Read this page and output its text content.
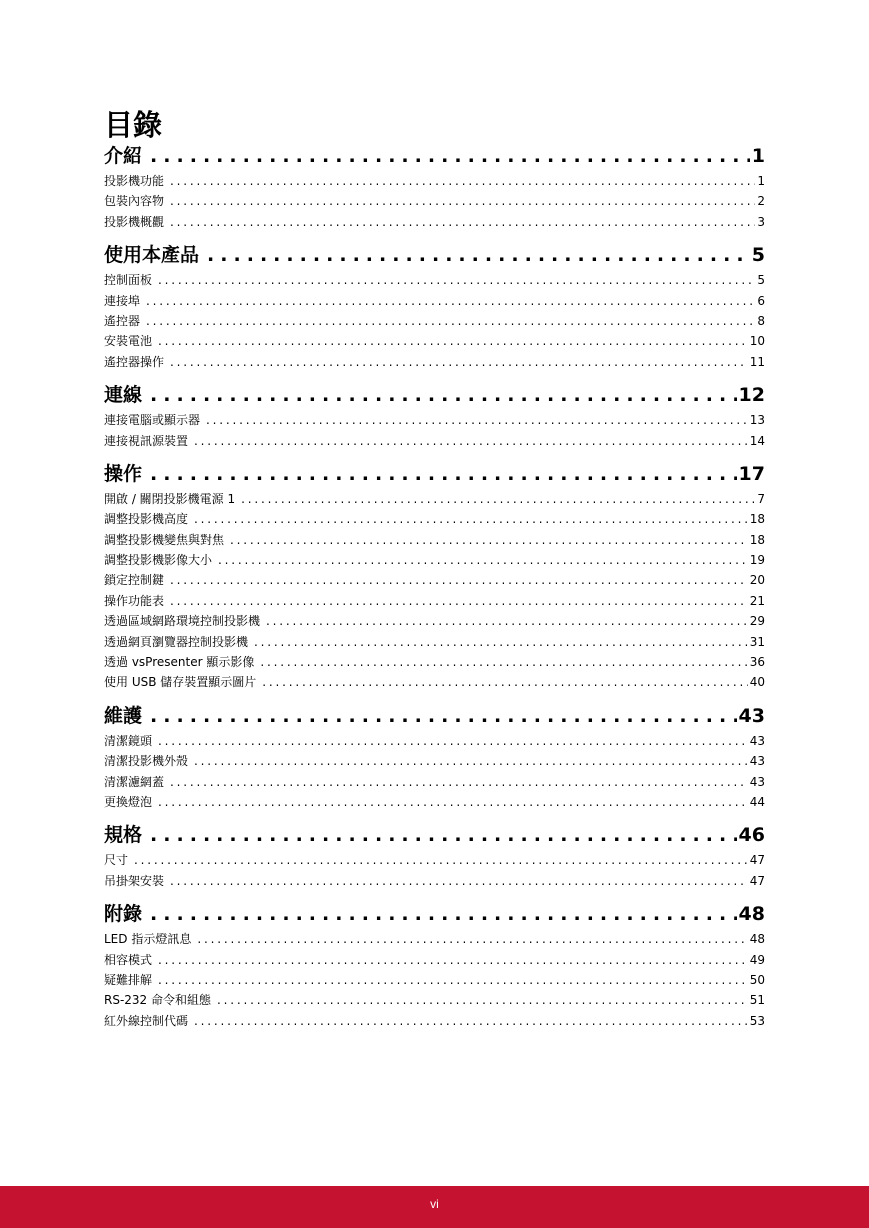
目錄
介紹 . . .	1
投影機功能 . . .	1
包裝內容物 . . .	2
投影機概觀 . . .	3
使用本產品 . . .	5
控制面板 . . .	5
連接埠 . . .	6
遙控器 . . .	8
安裝電池 . . .	10
遙控器操作 . . .	11
連線 . . .	12
連接電腦或顯示器 . . .	13
連接視訊源裝置 . . .	14
操作 . . .	17
開啟 / 關閉投影機電源 1 . . .	7
調整投影機高度 . . .	18
調整投影機變焦與對焦 . . .	18
調整投影機影像大小 . . .	19
鎖定控制鍵 . . .	20
操作功能表 . . .	21
透過區域網路環境控制投影機 . . .	29
透過網頁瀏覽器控制投影機 . . .	31
透過 vsPresenter 顯示影像 . . .	36
使用 USB 儲存裝置顯示圖片 . . .	40
維護 . . .	43
清潔鏡頭 . . .	43
清潔投影機外殼 . . .	43
清潔濾網蓋 . . .	43
更換燈泡 . . .	44
規格 . . .	46
尺寸 . . .	47
吊掛架安裝 . . .	47
附錄 . . .	48
LED 指示燈訊息 . . .	48
相容模式 . . .	49
疑難排解 . . .	50
RS-232 命令和組態 . . .	51
紅外線控制代碼 . . .	53
vi
